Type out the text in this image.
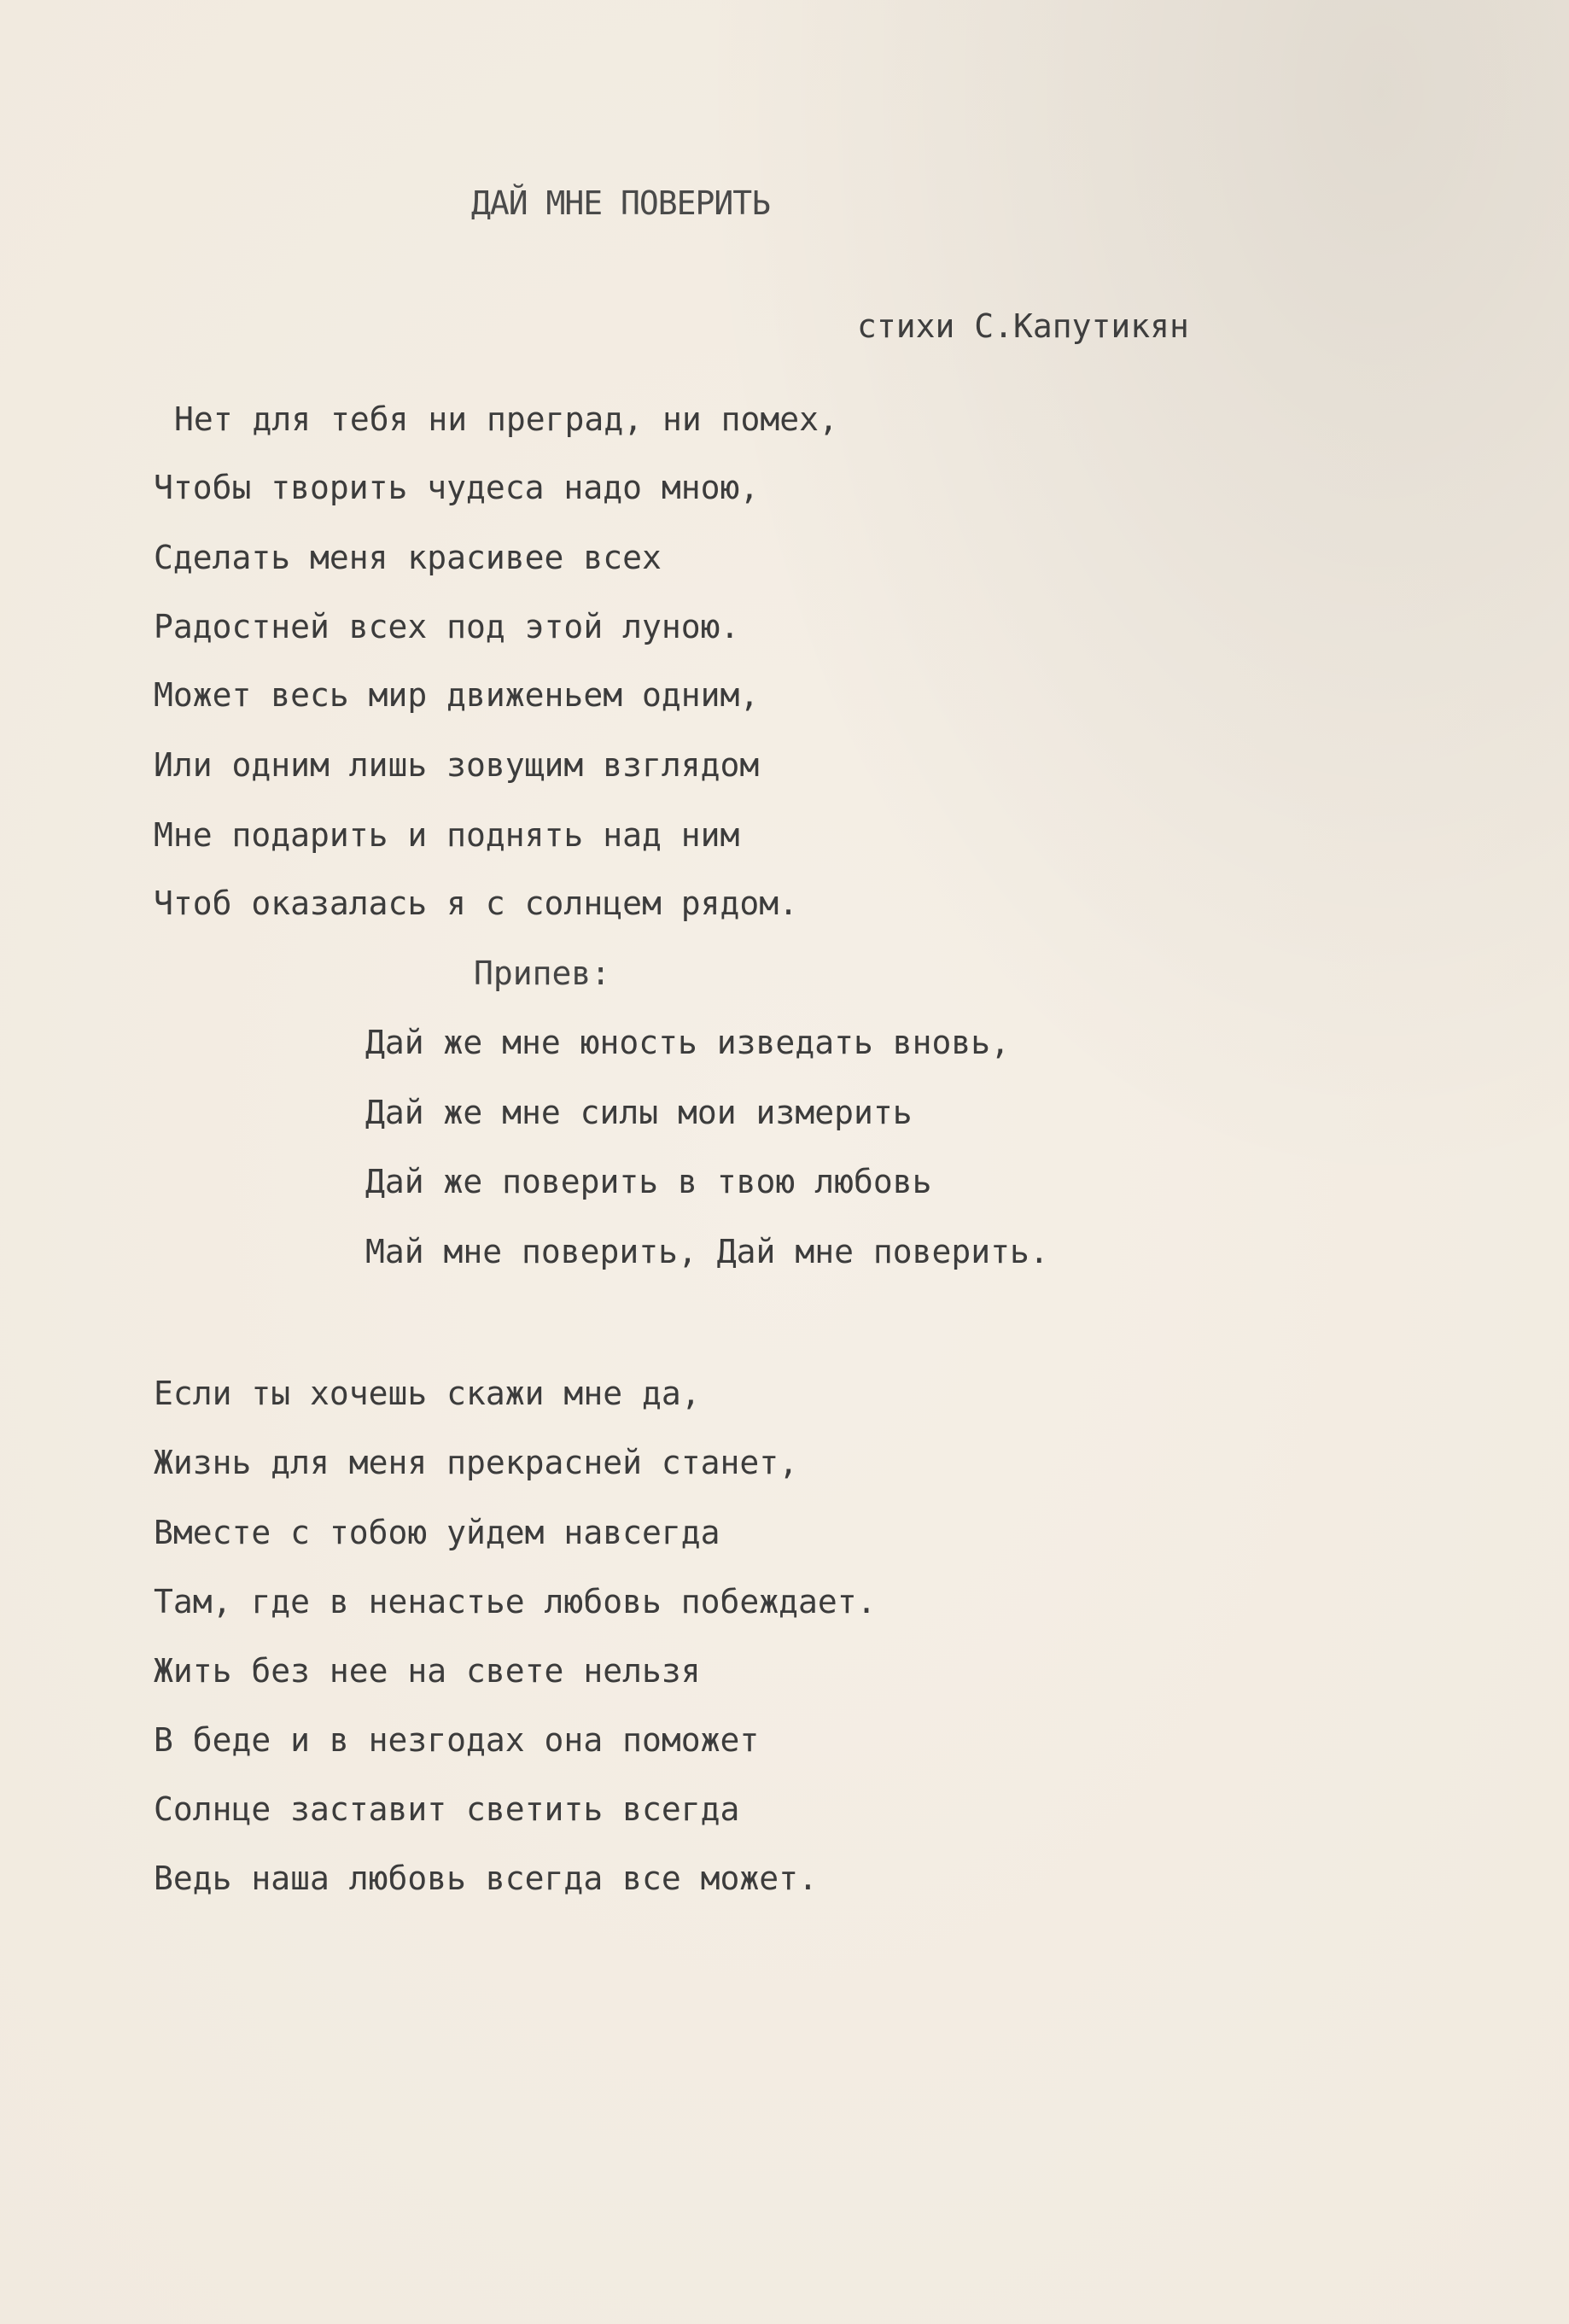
ДАЙ МНЕ ПОВЕРИТЬ
стихи С.Капутикян
Нет для тебя ни преград, ни помех,
Чтобы творить чудеса надо мною,
Сделать меня красивее всех
Радостней всех под этой луною.
Может весь мир движеньем одним,
Или одним лишь зовущим взглядом
Мне подарить и поднять над ним
Чтоб оказалась я с солнцем рядом.
Припев:
Дай же мне юность изведать вновь,
Дай же мне силы мои измерить
Дай же поверить в твою любовь
Май мне поверить, Дай мне поверить.
Если ты хочешь скажи мне да,
Жизнь для меня прекрасней станет,
Вместе с тобою уйдем навсегда
Там, где в ненастье любовь побеждает.
Жить без нее на свете нельзя
В беде и в незгодах она поможет
Солнце заставит светить всегда
Ведь наша любовь всегда все может.
